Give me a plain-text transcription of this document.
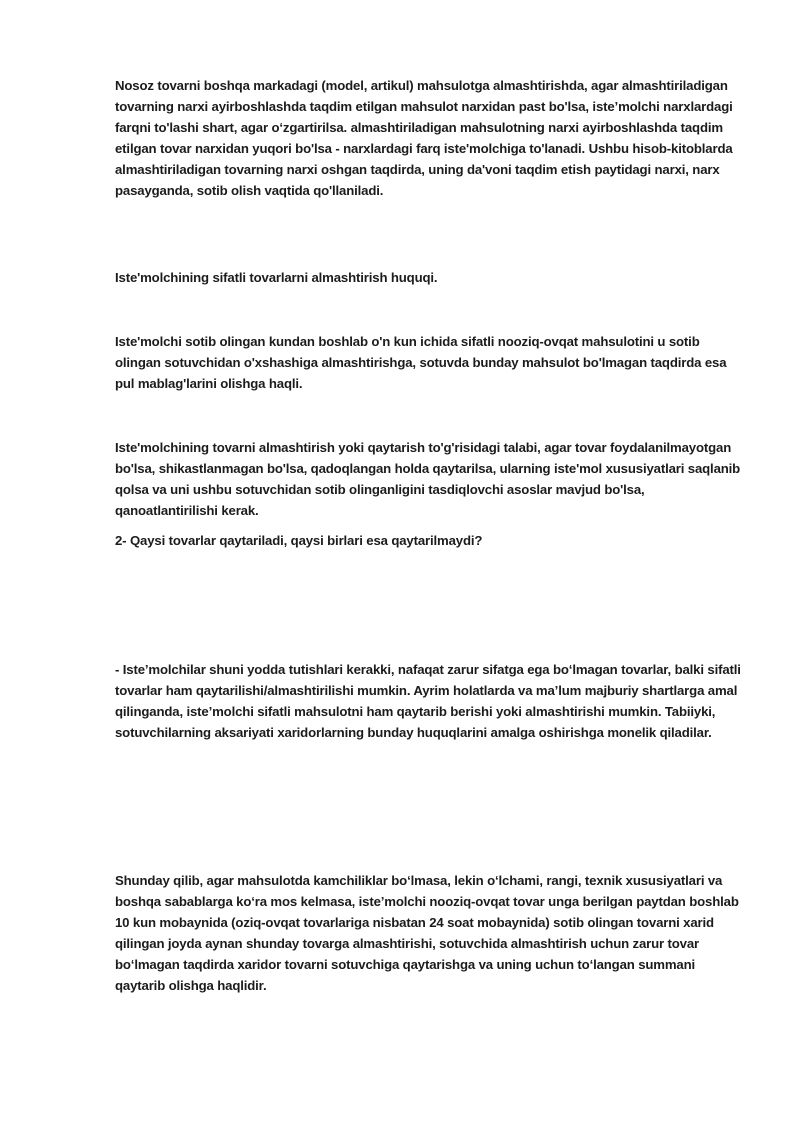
Nosoz tovarni boshqa markadagi (model, artikul) mahsulotga almashtirishda, agar almashtiriladigan tovarning narxi ayirboshlashda taqdim etilgan mahsulot narxidan past bo'lsa, iste’molchi narxlardagi farqni to'lashi shart, agar o‘zgartirilsa. almashtiriladigan mahsulotning narxi ayirboshlashda taqdim etilgan tovar narxidan yuqori bo'lsa - narxlardagi farq iste'molchiga to'lanadi. Ushbu hisob-kitoblarda almashtiriladigan tovarning narxi oshgan taqdirda, uning da'voni taqdim etish paytidagi narxi, narx pasayganda, sotib olish vaqtida qo'llaniladi.

Iste'molchining sifatli tovarlarni almashtirish huquqi.

Iste'molchi sotib olingan kundan boshlab o'n kun ichida sifatli nooziq-ovqat mahsulotini u sotib olingan sotuvchidan o'xshashiga almashtirishga, sotuvda bunday mahsulot bo'lmagan taqdirda esa pul mablag'larini olishga haqli.

Iste'molchining tovarni almashtirish yoki qaytarish to'g'risidagi talabi, agar tovar foydalanilmayotgan bo'lsa, shikastlanmagan bo'lsa, qadoqlangan holda qaytarilsa, ularning iste'mol xususiyatlari saqlanib qolsa va uni ushbu sotuvchidan sotib olinganligini tasdiqlovchi asoslar mavjud bo'lsa, qanoatlantirilishi kerak.

2- Qaysi tovarlar qaytariladi, qaysi birlari esa qaytarilmaydi?

- Iste’molchilar shuni yodda tutishlari kerakki, nafaqat zarur sifatga ega bo‘lmagan tovarlar, balki sifatli tovarlar ham qaytarilishi/almashtirilishi mumkin. Ayrim holatlarda va ma’lum majburiy shartlarga amal qilinganda, iste’molchi sifatli mahsulotni ham qaytarib berishi yoki almashtirishi mumkin. Tabiiyki, sotuvchilarning aksariyati xaridorlarning bunday huquqlarini amalga oshirishga monelik qiladilar.

Shunday qilib, agar mahsulotda kamchiliklar bo‘lmasa, lekin o‘lchami, rangi, texnik xususiyatlari va boshqa sabablarga ko‘ra mos kelmasa, iste’molchi nooziq-ovqat tovar unga berilgan paytdan boshlab 10 kun mobaynida (oziq-ovqat tovarlariga nisbatan 24 soat mobaynida) sotib olingan tovarni xarid qilingan joyda aynan shunday tovarga almashtirishi, sotuvchida almashtirish uchun zarur tovar bo‘lmagan taqdirda xaridor tovarni sotuvchiga qaytarishga va uning uchun to‘langan summani qaytarib olishga haqlidir.
